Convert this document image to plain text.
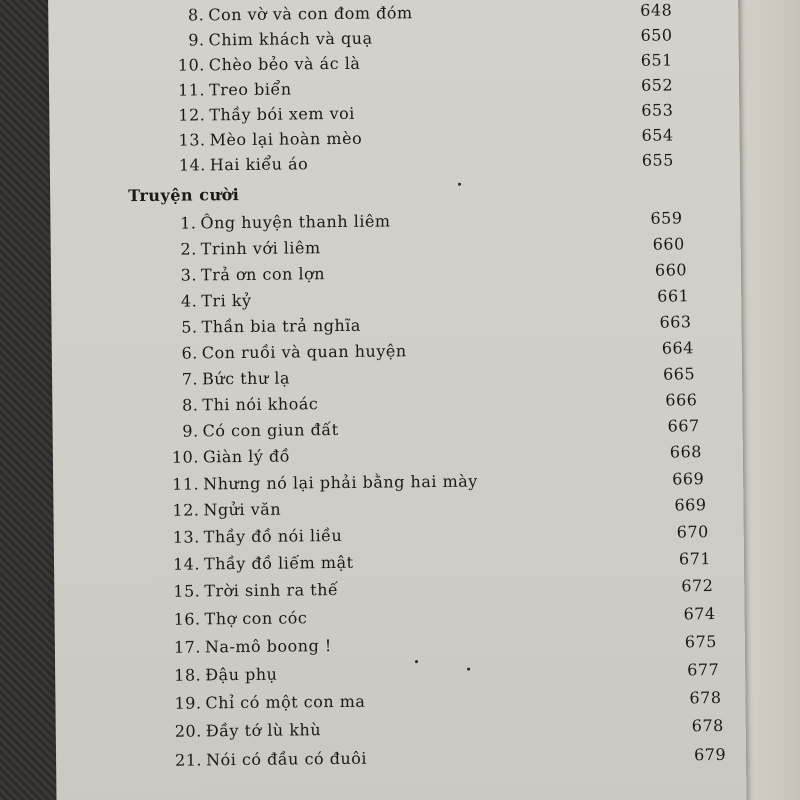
Truyện cười
8. Con vờ và con đom đóm	648
9. Chim khách và quạ	650
10. Chèo bẻo và ác là	651
11. Treo biển	652
12. Thầy bói xem voi	653
13. Mèo lại hoàn mèo	654
14. Hai kiểu áo	655
1. Ông huyện thanh liêm	659
2. Trinh với liêm	660
3. Trả ơn con lợn	660
4. Tri kỷ	661
5. Thần bia trả nghĩa	663
6. Con ruồi và quan huyện	664
7. Bức thư lạ	665
8. Thi nói khoác	666
9. Có con giun đất	667
10. Giàn lý đồ	668
11. Nhưng nó lại phải bằng hai mày	669
12. Ngửi văn	669
13. Thầy đồ nói liều	670
14. Thầy đồ liếm mật	671
15. Trời sinh ra thế	672
16. Thợ con cóc	674
17. Na-mô boong !	675
18. Đậu phụ	677
19. Chỉ có một con ma	678
20. Đầy tớ lù khù	678
21. Nói có đầu có đuôi	679
